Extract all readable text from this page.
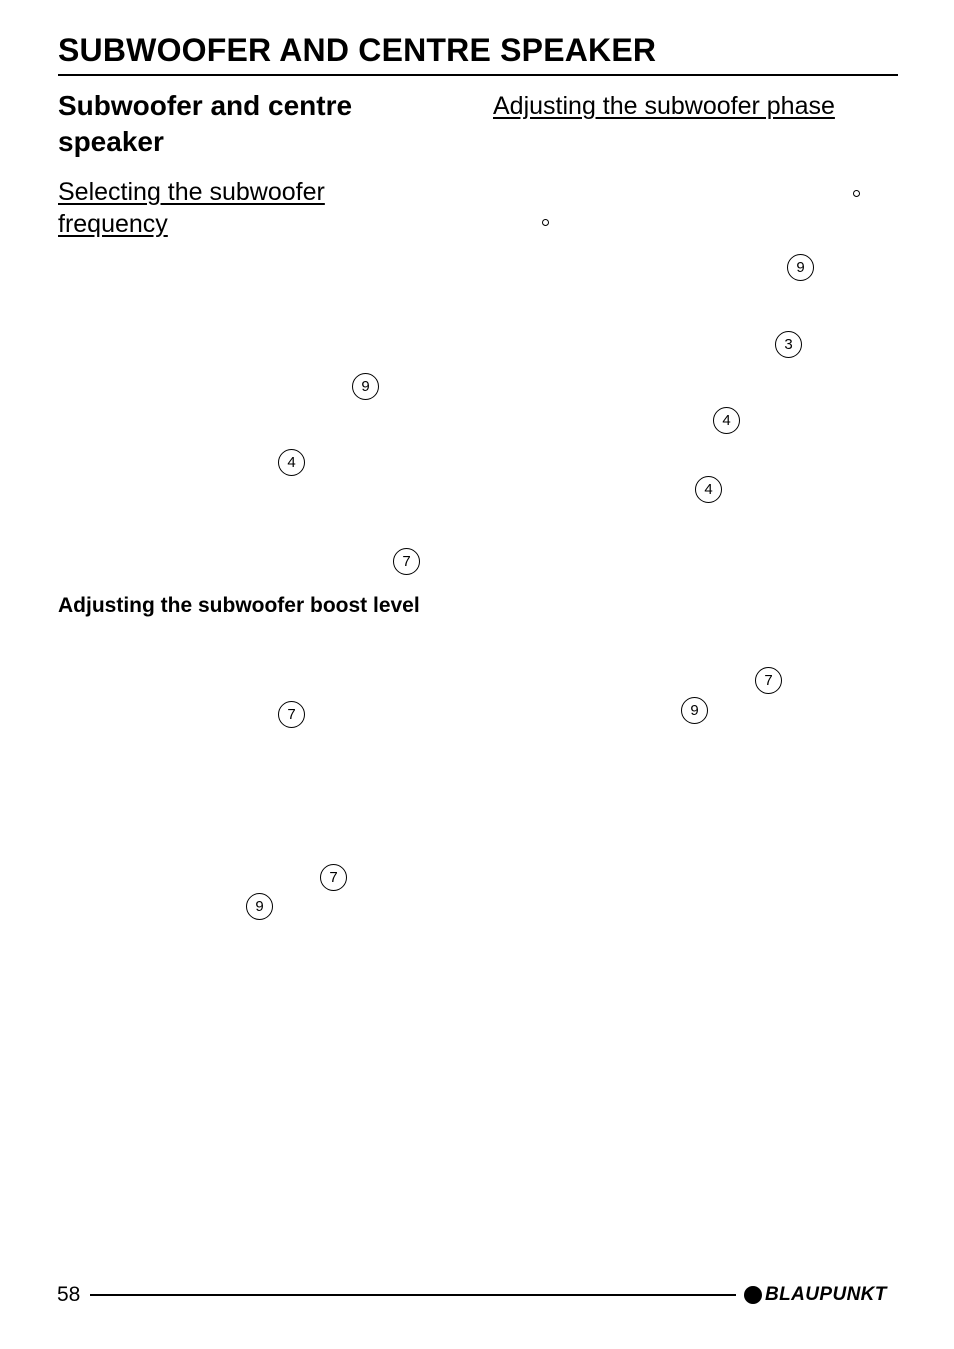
SUBWOOFER AND CENTRE SPEAKER
Subwoofer and centre speaker
Selecting the subwoofer frequency
9
4
7
Adjusting the subwoofer boost level
7
7
9
Adjusting the subwoofer phase
9
3
4
4
7
9
58	BLAUPUNKT
